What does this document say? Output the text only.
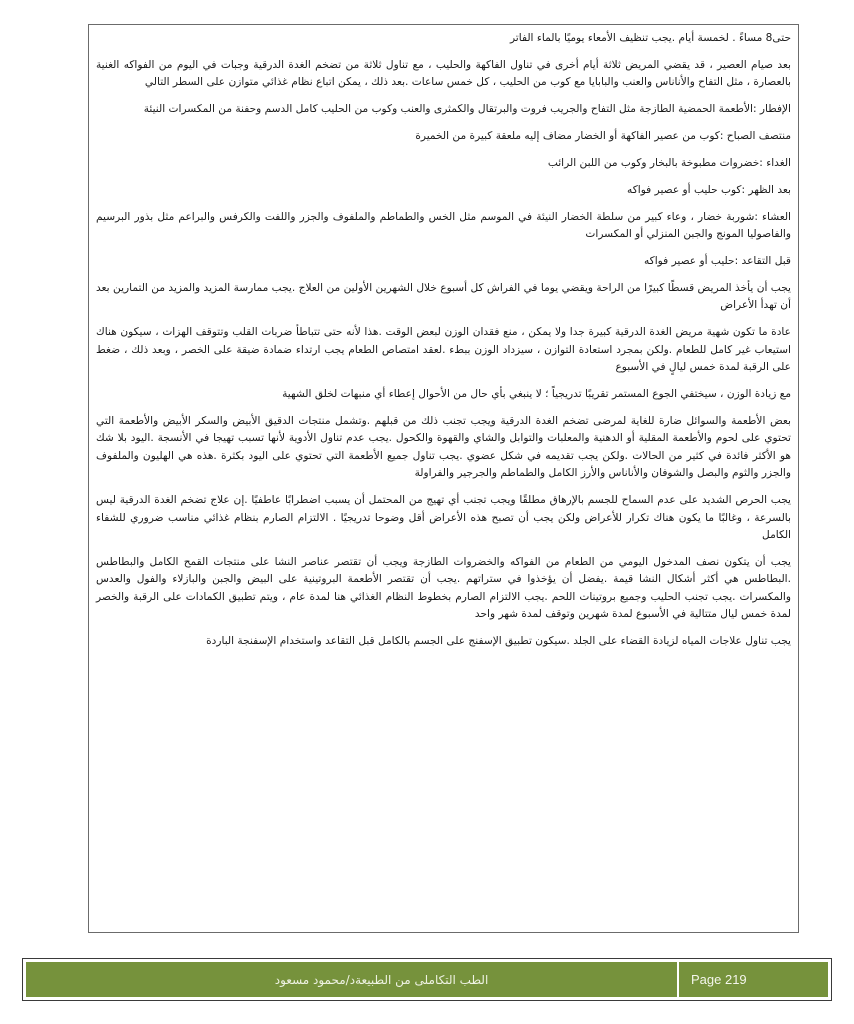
حتى8 مساءً . لخمسة أيام .يجب تنظيف الأمعاء يوميًا بالماء الفاتر

بعد صيام العصير ، قد يقضي المريض ثلاثة أيام أخرى في تناول الفاكهة والحليب ، مع تناول ثلاثة من تضخم الغدة الدرقية وجبات في اليوم من الفواكه الغنية بالعصارة ، مثل التفاح والأناناس والعنب والبابايا مع كوب من الحليب ، كل خمس ساعات .بعد ذلك ، يمكن اتباع نظام غذائي متوازن على السطر التالي

الإفطار :الأطعمة الحمضية الطازجة مثل التفاح والجريب فروت والبرتقال والكمثرى والعنب وكوب من الحليب كامل الدسم وحفنة من المكسرات النيئة

منتصف الصباح :كوب من عصير الفاكهة أو الخضار مضاف إليه ملعقة كبيرة من الخميرة

الغداء :خضروات مطبوخة بالبخار وكوب من اللبن الرائب

بعد الظهر :كوب حليب أو عصير فواكه

العشاء :شوربة خضار ، وعاء كبير من سلطة الخضار النيئة في الموسم مثل الخس والطماطم والملفوف والجزر واللفت والكرفس والبراعم مثل بذور البرسيم والفاصوليا المونج والجبن المنزلي أو المكسرات

قبل التقاعد :حليب أو عصير فواكه

يجب أن يأخذ المريض قسطًا كبيرًا من الراحة ويقضي يوما في الفراش كل أسبوع خلال الشهرين الأولين من العلاج .يجب ممارسة المزيد والمزيد من التمارين بعد أن تهدأ الأعراض

عادة ما تكون شهية مريض الغدة الدرقية كبيرة جدا ولا يمكن ، منع فقدان الوزن لبعض الوقت .هذا لأنه حتى تتباطأ ضربات القلب وتتوقف الهزات ، سيكون هناك استيعاب غير كامل للطعام .ولكن بمجرد استعادة التوازن ، سيزداد الوزن ببطء .لعقد امتصاص الطعام يجب ارتداء ضمادة ضيقة على الخصر ، وبعد ذلك ، ضغط على الرقبة لمدة خمس ليالٍ في الأسبوع

مع زيادة الوزن ، سيختفي الجوع المستمر تقريبًا تدريجياً ؛ لا ينبغي بأي حال من الأحوال إعطاء أي منبهات لخلق الشهية

بعض الأطعمة والسوائل ضارة للغاية لمرضى تضخم الغدة الدرقية ويجب تجنب ذلك من قبلهم .وتشمل منتجات الدقيق الأبيض والسكر الأبيض والأطعمة التي تحتوي على لحوم والأطعمة المقلية أو الدهنية والمعلبات والتوابل والشاي والقهوة والكحول .يجب عدم تناول الأدوية لأنها تسبب تهيجا في الأنسجة .اليود بلا شك هو الأكثر فائدة في كثير من الحالات .ولكن يجب تقديمه في شكل عضوي .يجب تناول جميع الأطعمة التي تحتوي على اليود بكثرة .هذه هي الهليون والملفوف والجزر والثوم والبصل والشوفان والأناناس والأرز الكامل والطماطم والجرجير والفراولة

يجب الحرص الشديد على عدم السماح للجسم بالإرهاق مطلقًا ويجب تجنب أي تهيج من المحتمل أن يسبب اضطرابًا عاطفيًا .إن علاج تضخم الغدة الدرقية ليس بالسرعة ، وغالبًا ما يكون هناك تكرار للأعراض ولكن يجب أن تصبح هذه الأعراض أقل وضوحا تدريجيًا . الالتزام الصارم بنظام غذائي مناسب ضروري للشفاء الكامل

يجب أن يتكون نصف المدخول اليومي من الطعام من الفواكه والخضروات الطازجة ويجب أن تقتصر عناصر النشا على منتجات القمح الكامل والبطاطس .البطاطس هي أكثر أشكال النشا قيمة .يفضل أن يؤخذوا في ستراتهم .يجب أن تقتصر الأطعمة البروتينية على البيض والجبن والبازلاء والفول والعدس والمكسرات .يجب تجنب الحليب وجميع بروتينات اللحم .يجب الالتزام الصارم بخطوط النظام الغذائي هنا لمدة عام ، ويتم تطبيق الكمادات على الرقبة والخصر لمدة خمس ليال متتالية في الأسبوع لمدة شهرين وتوقف لمدة شهر واحد

يجب تناول علاجات المياه لزيادة القضاء على الجلد .سيكون تطبيق الإسفنج على الجسم بالكامل قبل التقاعد واستخدام الإسفنجة الباردة

الطب التكاملى من الطبيعة
د/محمود مسعود	Page 219
